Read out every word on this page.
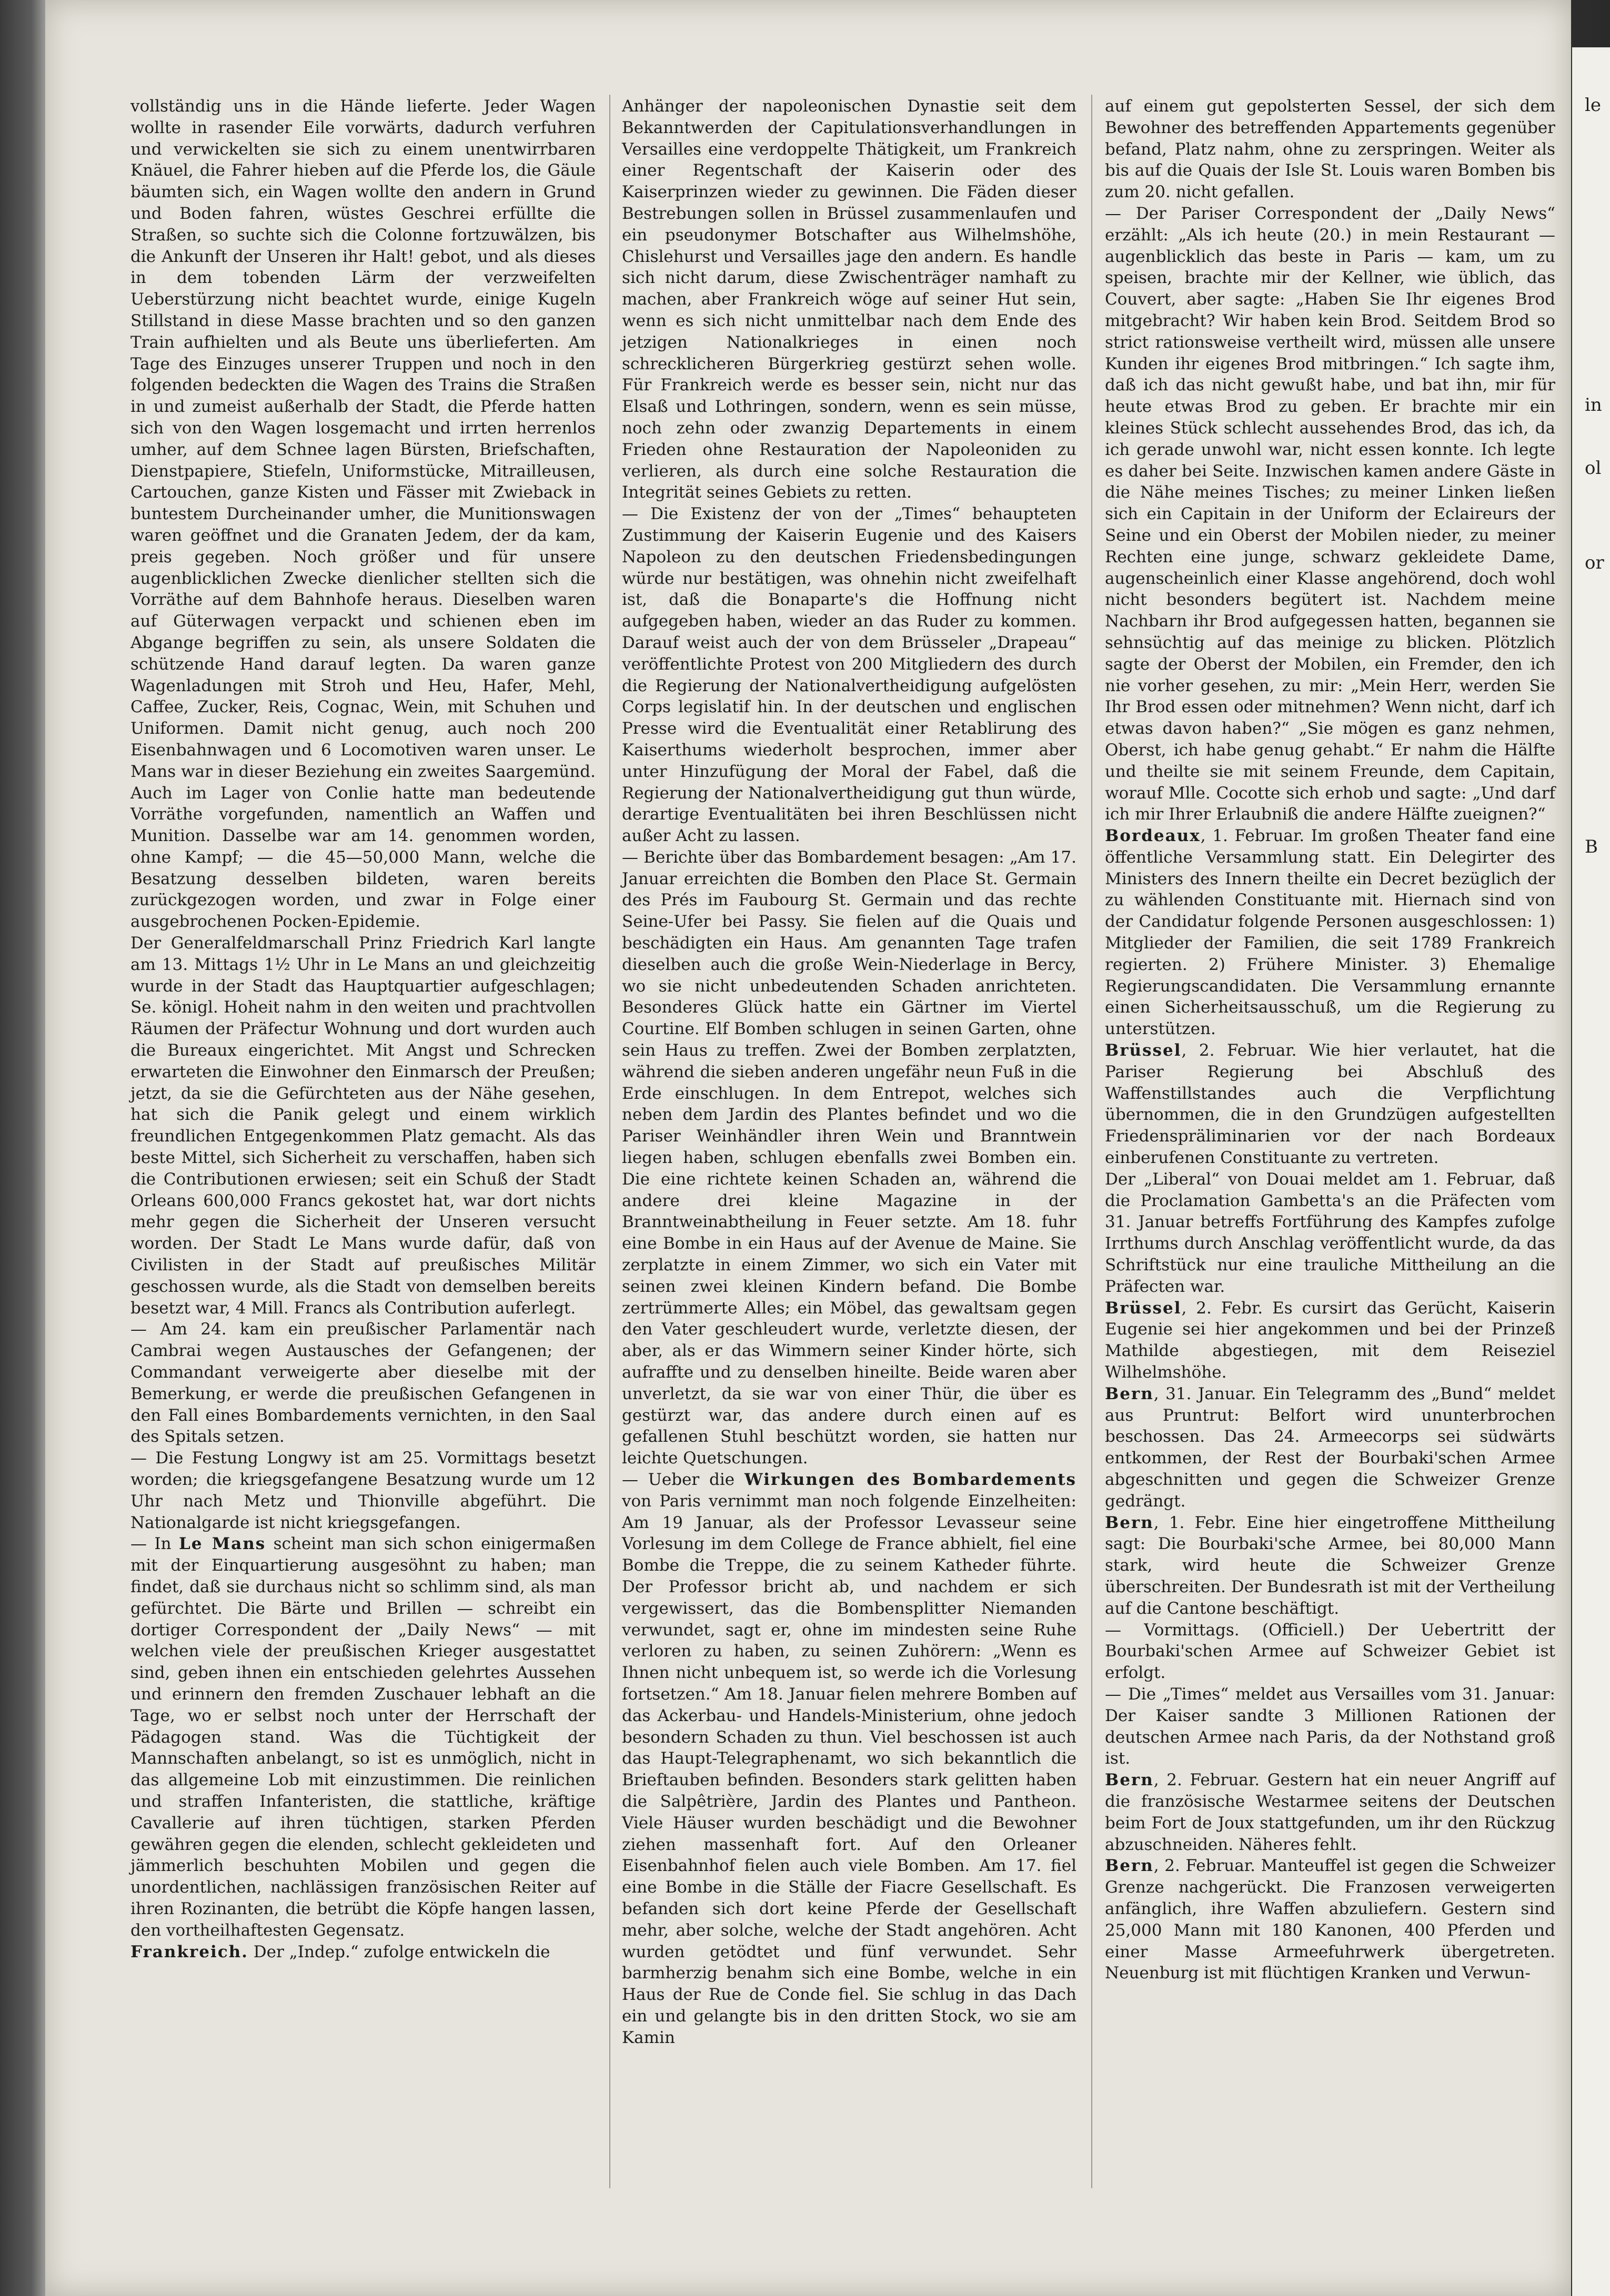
vollständig uns in die Hände lieferte. Jeder Wagen wollte in rasender Eile vorwärts, dadurch verfuhren und verwickelten sie sich zu einem unentwirrbaren Knäuel, die Fahrer hieben auf die Pferde los, die Gäule bäumten sich, ein Wagen wollte den andern in Grund und Boden fahren, wüstes Geschrei erfüllte die Straßen, so suchte sich die Colonne fortzuwälzen, bis die Ankunft der Unseren ihr Halt! gebot, und als dieses in dem tobenden Lärm der verzweifelten Ueberstürzung nicht beachtet wurde, einige Kugeln Stillstand in diese Masse brachten und so den ganzen Train aufhielten und als Beute uns überlieferten. Am Tage des Einzuges unserer Truppen und noch in den folgenden bedeckten die Wagen des Trains die Straßen in und zumeist außerhalb der Stadt, die Pferde hatten sich von den Wagen losgemacht und irrten herrenlos umher, auf dem Schnee lagen Bürsten, Briefschaften, Dienstpapiere, Stiefeln, Uniformstücke, Mitrailleusen, Cartouchen, ganze Kisten und Fässer mit Zwieback in buntestem Durcheinander umher, die Munitionswagen waren geöffnet und die Granaten Jedem, der da kam, preis gegeben. Noch größer und für unsere augenblicklichen Zwecke dienlicher stellten sich die Vorräthe auf dem Bahnhofe heraus. Dieselben waren auf Güterwagen verpackt und schienen eben im Abgange begriffen zu sein, als unsere Soldaten die schützende Hand darauf legten. Da waren ganze Wagenladungen mit Stroh und Heu, Hafer, Mehl, Caffee, Zucker, Reis, Cognac, Wein, mit Schuhen und Uniformen. Damit nicht genug, auch noch 200 Eisenbahnwagen und 6 Locomotiven waren unser. Le Mans war in dieser Beziehung ein zweites Saargemünd. Auch im Lager von Conlie hatte man bedeutende Vorräthe vorgefunden, namentlich an Waffen und Munition. Dasselbe war am 14. genommen worden, ohne Kampf; — die 45—50,000 Mann, welche die Besatzung desselben bildeten, waren bereits zurückgezogen worden, und zwar in Folge einer ausgebrochenen Pocken-Epidemie.

Der Generalfeldmarschall Prinz Friedrich Karl langte am 13. Mittags 1½ Uhr in Le Mans an und gleichzeitig wurde in der Stadt das Hauptquartier aufgeschlagen; Se. königl. Hoheit nahm in den weiten und prachtvollen Räumen der Präfectur Wohnung und dort wurden auch die Bureaux eingerichtet. Mit Angst und Schrecken erwarteten die Einwohner den Einmarsch der Preußen; jetzt, da sie die Gefürchteten aus der Nähe gesehen, hat sich die Panik gelegt und einem wirklich freundlichen Entgegenkommen Platz gemacht. Als das beste Mittel, sich Sicherheit zu verschaffen, haben sich die Contributionen erwiesen; seit ein Schuß der Stadt Orleans 600,000 Francs gekostet hat, war dort nichts mehr gegen die Sicherheit der Unseren versucht worden. Der Stadt Le Mans wurde dafür, daß von Civilisten in der Stadt auf preußisches Militär geschossen wurde, als die Stadt von demselben bereits besetzt war, 4 Mill. Francs als Contribution auferlegt.

— Am 24. kam ein preußischer Parlamentär nach Cambrai wegen Austausches der Gefangenen; der Commandant verweigerte aber dieselbe mit der Bemerkung, er werde die preußischen Gefangenen in den Fall eines Bombardements vernichten, in den Saal des Spitals setzen.

— Die Festung Longwy ist am 25. Vormittags besetzt worden; die kriegsgefangene Besatzung wurde um 12 Uhr nach Metz und Thionville abgeführt. Die Nationalgarde ist nicht kriegsgefangen.

— In Le Mans scheint man sich schon einigermaßen mit der Einquartierung ausgesöhnt zu haben; man findet, daß sie durchaus nicht so schlimm sind, als man gefürchtet. Die Bärte und Brillen — schreibt ein dortiger Correspondent der „Daily News“ — mit welchen viele der preußischen Krieger ausgestattet sind, geben ihnen ein entschieden gelehrtes Aussehen und erinnern den fremden Zuschauer lebhaft an die Tage, wo er selbst noch unter der Herrschaft der Pädagogen stand. Was die Tüchtigkeit der Mannschaften anbelangt, so ist es unmöglich, nicht in das allgemeine Lob mit einzustimmen. Die reinlichen und straffen Infanteristen, die stattliche, kräftige Cavallerie auf ihren tüchtigen, starken Pferden gewähren gegen die elenden, schlecht gekleideten und jämmerlich beschuhten Mobilen und gegen die unordentlichen, nachlässigen französischen Reiter auf ihren Rozinanten, die betrübt die Köpfe hangen lassen, den vortheilhaftesten Gegensatz.

Frankreich. Der „Indep.“ zufolge entwickeln die

Anhänger der napoleonischen Dynastie seit dem Bekanntwerden der Capitulationsverhandlungen in Versailles eine verdoppelte Thätigkeit, um Frankreich einer Regentschaft der Kaiserin oder des Kaiserprinzen wieder zu gewinnen. Die Fäden dieser Bestrebungen sollen in Brüssel zusammenlaufen und ein pseudonymer Botschafter aus Wilhelmshöhe, Chislehurst und Versailles jage den andern. Es handle sich nicht darum, diese Zwischenträger namhaft zu machen, aber Frankreich wöge auf seiner Hut sein, wenn es sich nicht unmittelbar nach dem Ende des jetzigen Nationalkrieges in einen noch schrecklicheren Bürgerkrieg gestürzt sehen wolle. Für Frankreich werde es besser sein, nicht nur das Elsaß und Lothringen, sondern, wenn es sein müsse, noch zehn oder zwanzig Departements in einem Frieden ohne Restauration der Napoleoniden zu verlieren, als durch eine solche Restauration die Integrität seines Gebiets zu retten.

— Die Existenz der von der „Times“ behaupteten Zustimmung der Kaiserin Eugenie und des Kaisers Napoleon zu den deutschen Friedensbedingungen würde nur bestätigen, was ohnehin nicht zweifelhaft ist, daß die Bonaparte's die Hoffnung nicht aufgegeben haben, wieder an das Ruder zu kommen. Darauf weist auch der von dem Brüsseler „Drapeau“ veröffentlichte Protest von 200 Mitgliedern des durch die Regierung der Nationalvertheidigung aufgelösten Corps legislatif hin. In der deutschen und englischen Presse wird die Eventualität einer Retablirung des Kaiserthums wiederholt besprochen, immer aber unter Hinzufügung der Moral der Fabel, daß die Regierung der Nationalvertheidigung gut thun würde, derartige Eventualitäten bei ihren Beschlüssen nicht außer Acht zu lassen.

— Berichte über das Bombardement besagen: „Am 17. Januar erreichten die Bomben den Place St. Germain des Prés im Faubourg St. Germain und das rechte Seine-Ufer bei Passy. Sie fielen auf die Quais und beschädigten ein Haus. Am genannten Tage trafen dieselben auch die große Wein-Niederlage in Bercy, wo sie nicht unbedeutenden Schaden anrichteten. Besonderes Glück hatte ein Gärtner im Viertel Courtine. Elf Bomben schlugen in seinen Garten, ohne sein Haus zu treffen. Zwei der Bomben zerplatzten, während die sieben anderen ungefähr neun Fuß in die Erde einschlugen. In dem Entrepot, welches sich neben dem Jardin des Plantes befindet und wo die Pariser Weinhändler ihren Wein und Branntwein liegen haben, schlugen ebenfalls zwei Bomben ein. Die eine richtete keinen Schaden an, während die andere drei kleine Magazine in der Branntweinabtheilung in Feuer setzte. Am 18. fuhr eine Bombe in ein Haus auf der Avenue de Maine. Sie zerplatzte in einem Zimmer, wo sich ein Vater mit seinen zwei kleinen Kindern befand. Die Bombe zertrümmerte Alles; ein Möbel, das gewaltsam gegen den Vater geschleudert wurde, verletzte diesen, der aber, als er das Wimmern seiner Kinder hörte, sich aufraffte und zu denselben hineilte. Beide waren aber unverletzt, da sie war von einer Thür, die über es gestürzt war, das andere durch einen auf es gefallenen Stuhl beschützt worden, sie hatten nur leichte Quetschungen.

— Ueber die Wirkungen des Bombardements von Paris vernimmt man noch folgende Einzelheiten: Am 19 Januar, als der Professor Levasseur seine Vorlesung im dem College de France abhielt, fiel eine Bombe die Treppe, die zu seinem Katheder führte. Der Professor bricht ab, und nachdem er sich vergewissert, das die Bombensplitter Niemanden verwundet, sagt er, ohne im mindesten seine Ruhe verloren zu haben, zu seinen Zuhörern: „Wenn es Ihnen nicht unbequem ist, so werde ich die Vorlesung fortsetzen.“ Am 18. Januar fielen mehrere Bomben auf das Ackerbau- und Handels-Ministerium, ohne jedoch besondern Schaden zu thun. Viel beschossen ist auch das Haupt-Telegraphenamt, wo sich bekanntlich die Brieftauben befinden. Besonders stark gelitten haben die Salpêtrière, Jardin des Plantes und Pantheon. Viele Häuser wurden beschädigt und die Bewohner ziehen massenhaft fort. Auf den Orleaner Eisenbahnhof fielen auch viele Bomben. Am 17. fiel eine Bombe in die Ställe der Fiacre Gesellschaft. Es befanden sich dort keine Pferde der Gesellschaft mehr, aber solche, welche der Stadt angehören. Acht wurden getödtet und fünf verwundet. Sehr barmherzig benahm sich eine Bombe, welche in ein Haus der Rue de Conde fiel. Sie schlug in das Dach ein und gelangte bis in den dritten Stock, wo sie am Kamin

auf einem gut gepolsterten Sessel, der sich dem Bewohner des betreffenden Appartements gegenüber befand, Platz nahm, ohne zu zerspringen. Weiter als bis auf die Quais der Isle St. Louis waren Bomben bis zum 20. nicht gefallen.

— Der Pariser Correspondent der „Daily News“ erzählt: „Als ich heute (20.) in mein Restaurant — augenblicklich das beste in Paris — kam, um zu speisen, brachte mir der Kellner, wie üblich, das Couvert, aber sagte: „Haben Sie Ihr eigenes Brod mitgebracht? Wir haben kein Brod. Seitdem Brod so strict rationsweise vertheilt wird, müssen alle unsere Kunden ihr eigenes Brod mitbringen.“ Ich sagte ihm, daß ich das nicht gewußt habe, und bat ihn, mir für heute etwas Brod zu geben. Er brachte mir ein kleines Stück schlecht aussehendes Brod, das ich, da ich gerade unwohl war, nicht essen konnte. Ich legte es daher bei Seite. Inzwischen kamen andere Gäste in die Nähe meines Tisches; zu meiner Linken ließen sich ein Capitain in der Uniform der Eclaireurs der Seine und ein Oberst der Mobilen nieder, zu meiner Rechten eine junge, schwarz gekleidete Dame, augenscheinlich einer Klasse angehörend, doch wohl nicht besonders begütert ist. Nachdem meine Nachbarn ihr Brod aufgegessen hatten, begannen sie sehnsüchtig auf das meinige zu blicken. Plötzlich sagte der Oberst der Mobilen, ein Fremder, den ich nie vorher gesehen, zu mir: „Mein Herr, werden Sie Ihr Brod essen oder mitnehmen? Wenn nicht, darf ich etwas davon haben?“ „Sie mögen es ganz nehmen, Oberst, ich habe genug gehabt.“ Er nahm die Hälfte und theilte sie mit seinem Freunde, dem Capitain, worauf Mlle. Cocotte sich erhob und sagte: „Und darf ich mir Ihrer Erlaubniß die andere Hälfte zueignen?“

Bordeaux, 1. Februar. Im großen Theater fand eine öffentliche Versammlung statt. Ein Delegirter des Ministers des Innern theilte ein Decret bezüglich der zu wählenden Constituante mit. Hiernach sind von der Candidatur folgende Personen ausgeschlossen: 1) Mitglieder der Familien, die seit 1789 Frankreich regierten. 2) Frühere Minister. 3) Ehemalige Regierungscandidaten. Die Versammlung ernannte einen Sicherheitsausschuß, um die Regierung zu unterstützen.

Brüssel, 2. Februar. Wie hier verlautet, hat die Pariser Regierung bei Abschluß des Waffenstillstandes auch die Verpflichtung übernommen, die in den Grundzügen aufgestellten Friedenspräliminarien vor der nach Bordeaux einberufenen Constituante zu vertreten.

Der „Liberal“ von Douai meldet am 1. Februar, daß die Proclamation Gambetta's an die Präfecten vom 31. Januar betreffs Fortführung des Kampfes zufolge Irrthums durch Anschlag veröffentlicht wurde, da das Schriftstück nur eine trauliche Mittheilung an die Präfecten war.

Brüssel, 2. Febr. Es cursirt das Gerücht, Kaiserin Eugenie sei hier angekommen und bei der Prinzeß Mathilde abgestiegen, mit dem Reiseziel Wilhelmshöhe.

Bern, 31. Januar. Ein Telegramm des „Bund“ meldet aus Pruntrut: Belfort wird ununterbrochen beschossen. Das 24. Armeecorps sei südwärts entkommen, der Rest der Bourbaki'schen Armee abgeschnitten und gegen die Schweizer Grenze gedrängt.

Bern, 1. Febr. Eine hier eingetroffene Mittheilung sagt: Die Bourbaki'sche Armee, bei 80,000 Mann stark, wird heute die Schweizer Grenze überschreiten. Der Bundesrath ist mit der Vertheilung auf die Cantone beschäftigt.

— Vormittags. (Officiell.) Der Uebertritt der Bourbaki'schen Armee auf Schweizer Gebiet ist erfolgt.

— Die „Times“ meldet aus Versailles vom 31. Januar: Der Kaiser sandte 3 Millionen Rationen der deutschen Armee nach Paris, da der Nothstand groß ist.

Bern, 2. Februar. Gestern hat ein neuer Angriff auf die französische Westarmee seitens der Deutschen beim Fort de Joux stattgefunden, um ihr den Rückzug abzuschneiden. Näheres fehlt.

Bern, 2. Februar. Manteuffel ist gegen die Schweizer Grenze nachgerückt. Die Franzosen verweigerten anfänglich, ihre Waffen abzuliefern. Gestern sind 25,000 Mann mit 180 Kanonen, 400 Pferden und einer Masse Armeefuhrwerk übergetreten. Neuenburg ist mit flüchtigen Kranken und Verwun-

le
in
ol
or
B
